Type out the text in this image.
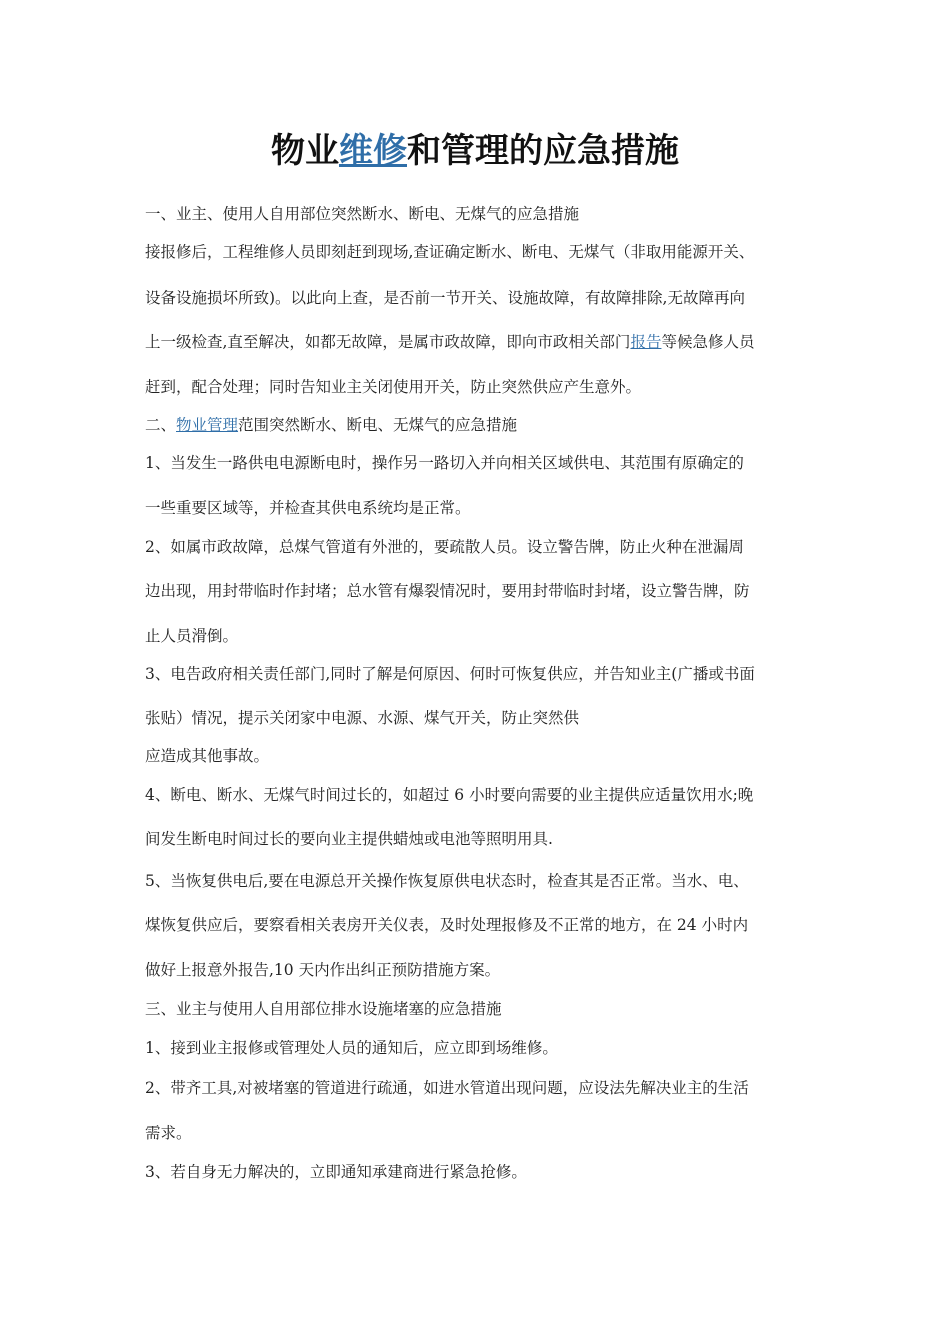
物业维修和管理的应急措施
一、业主、使用人自用部位突然断水、断电、无煤气的应急措施
接报修后，工程维修人员即刻赶到现场,查证确定断水、断电、无煤气（非取用能源开关、
设备设施损坏所致)。以此向上查，是否前一节开关、设施故障，有故障排除,无故障再向
上一级检查,直至解决，如都无故障，是属市政故障，即向市政相关部门报告等候急修人员
赶到，配合处理；同时告知业主关闭使用开关，防止突然供应产生意外。
二、物业管理范围突然断水、断电、无煤气的应急措施
1、当发生一路供电电源断电时，操作另一路切入并向相关区域供电、其范围有原确定的
一些重要区域等，并检查其供电系统均是正常。
2、如属市政故障，总煤气管道有外泄的，要疏散人员。设立警告牌，防止火种在泄漏周
边出现，用封带临时作封堵；总水管有爆裂情况时，要用封带临时封堵，设立警告牌，防
止人员滑倒。
3、电告政府相关责任部门,同时了解是何原因、何时可恢复供应，并告知业主(广播或书面
张贴）情况，提示关闭家中电源、水源、煤气开关，防止突然供
应造成其他事故。
4、断电、断水、无煤气时间过长的，如超过 6 小时要向需要的业主提供应适量饮用水;晚
间发生断电时间过长的要向业主提供蜡烛或电池等照明用具.
5、当恢复供电后,要在电源总开关操作恢复原供电状态时，检查其是否正常。当水、电、
煤恢复供应后，要察看相关表房开关仪表，及时处理报修及不正常的地方，在 24 小时内
做好上报意外报告,10 天内作出纠正预防措施方案。
三、业主与使用人自用部位排水设施堵塞的应急措施
1、接到业主报修或管理处人员的通知后，应立即到场维修。
2、带齐工具,对被堵塞的管道进行疏通，如进水管道出现问题，应设法先解决业主的生活
需求。
3、若自身无力解决的，立即通知承建商进行紧急抢修。
